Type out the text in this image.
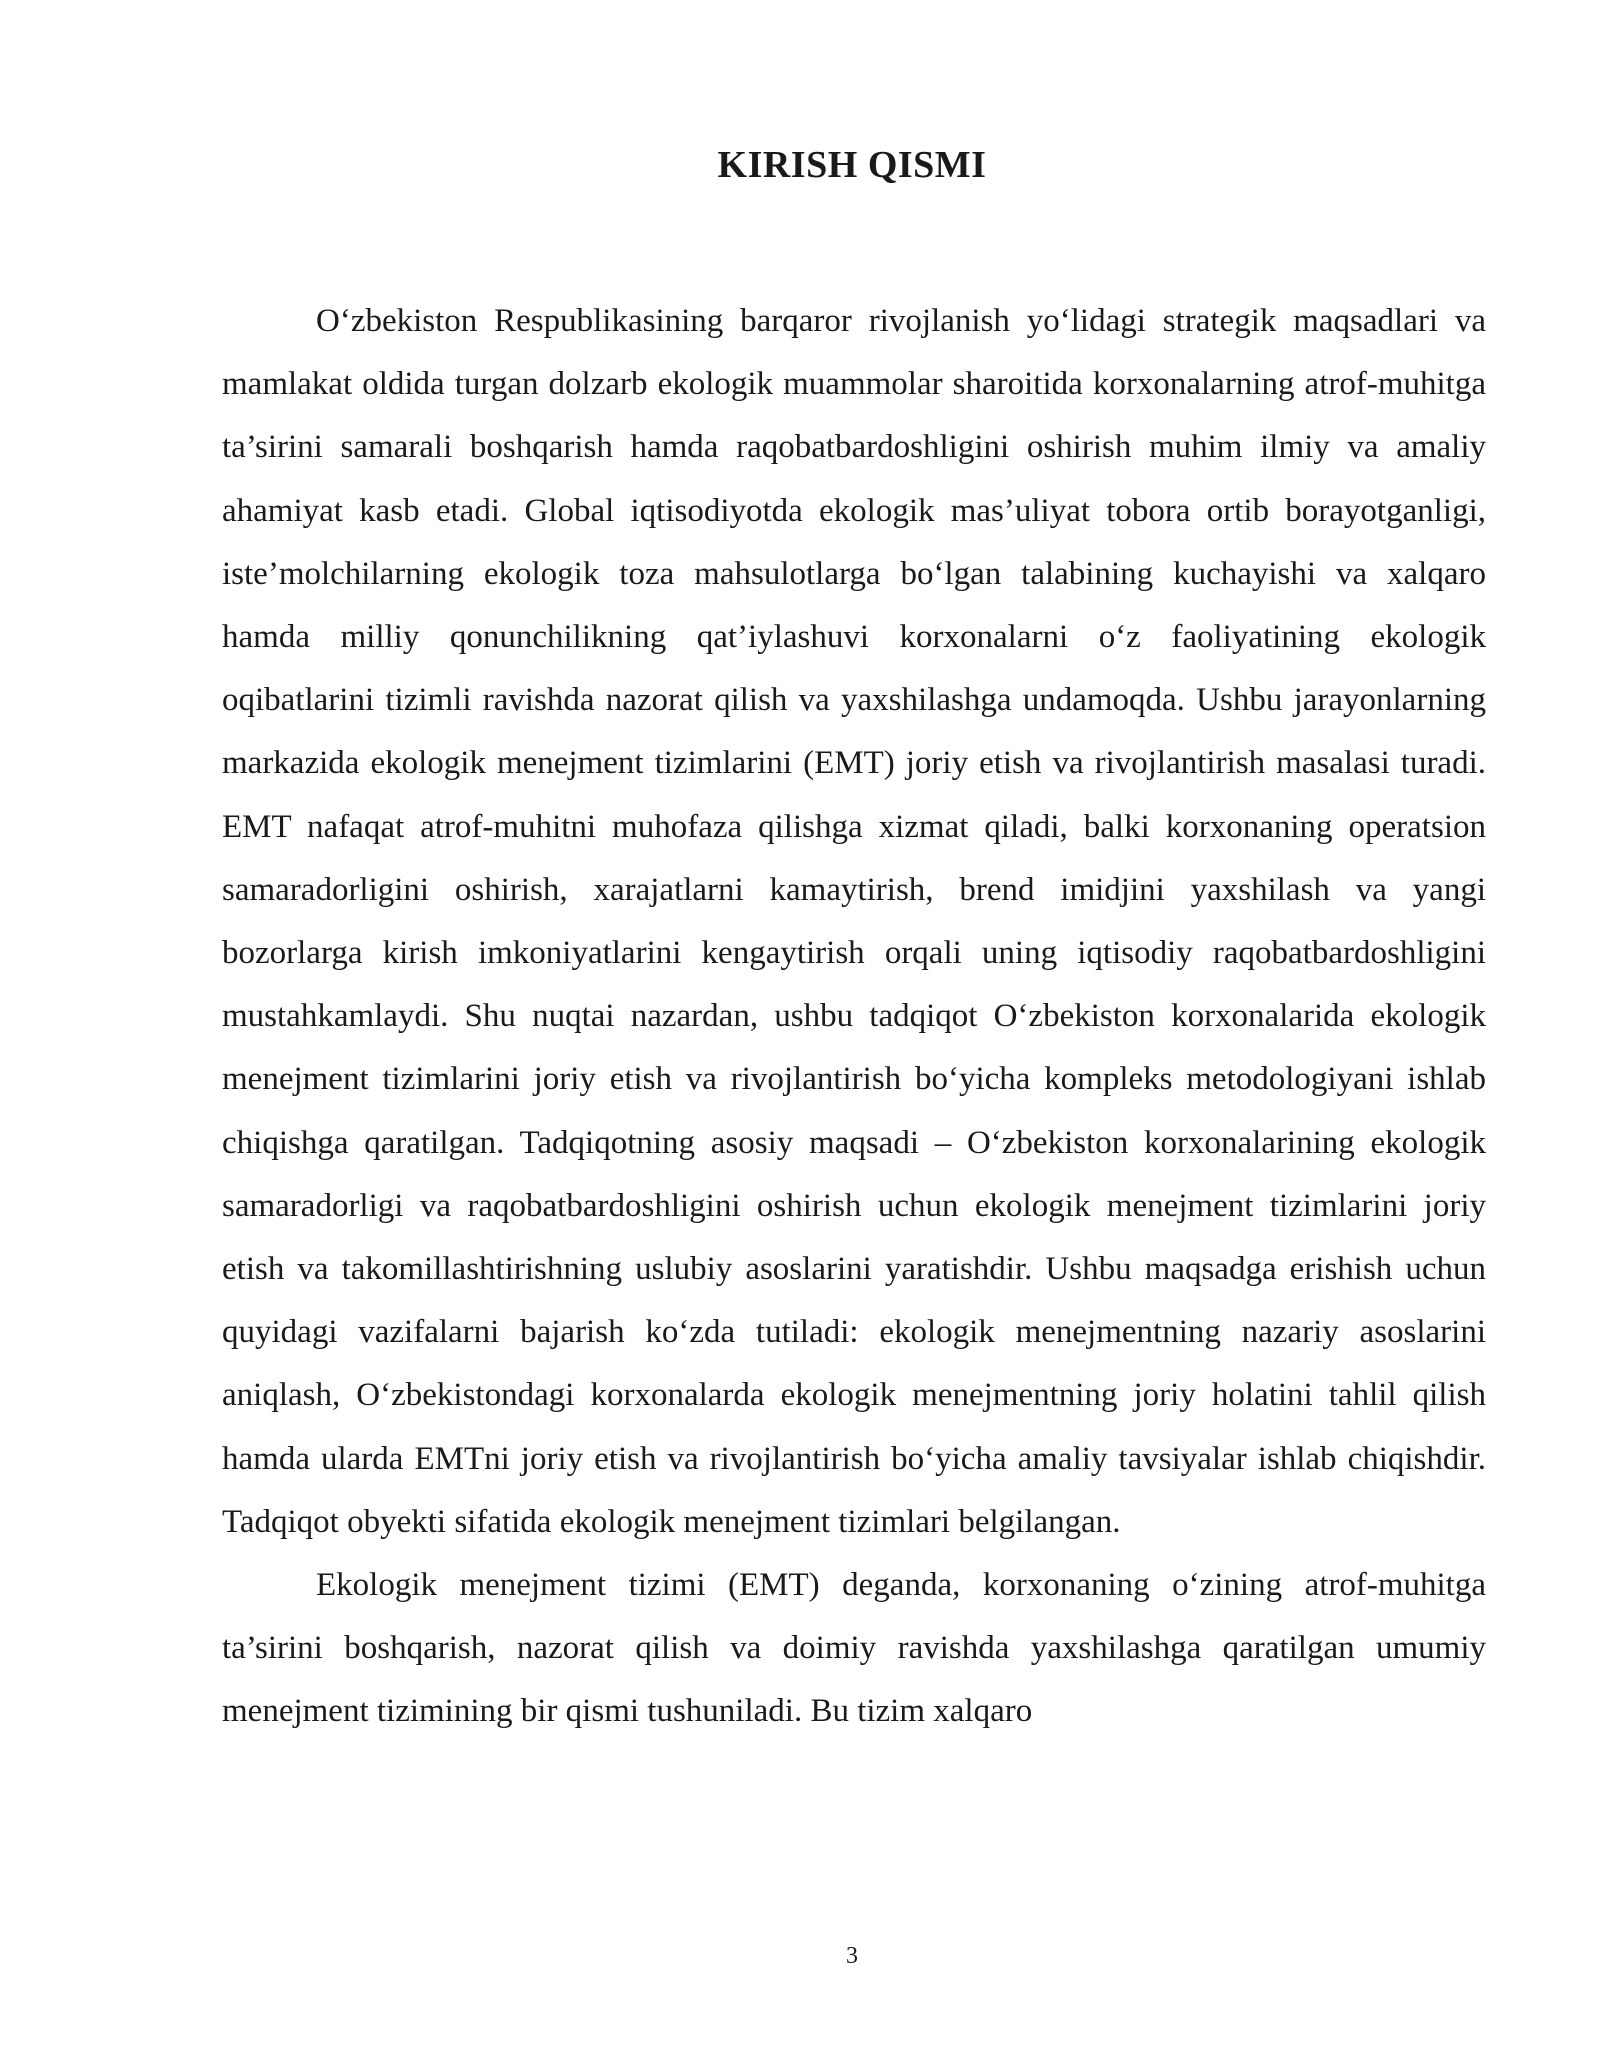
KIRISH QISMI

O‘zbekiston Respublikasining barqaror rivojlanish yo‘lidagi strategik maqsadlari va mamlakat oldida turgan dolzarb ekologik muammolar sharoitida korxonalarning atrof-muhitga ta’sirini samarali boshqarish hamda raqobatbardoshligini oshirish muhim ilmiy va amaliy ahamiyat kasb etadi. Global iqtisodiyotda ekologik mas’uliyat tobora ortib borayotganligi, iste’molchilarning ekologik toza mahsulotlarga bo‘lgan talabining kuchayishi va xalqaro hamda milliy qonunchilikning qat’iylashuvi korxonalarni o‘z faoliyatining ekologik oqibatlarini tizimli ravishda nazorat qilish va yaxshilashga undamoqda. Ushbu jarayonlarning markazida ekologik menejment tizimlarini (EMT) joriy etish va rivojlantirish masalasi turadi. EMT nafaqat atrof-muhitni muhofaza qilishga xizmat qiladi, balki korxonaning operatsion samaradorligini oshirish, xarajatlarni kamaytirish, brend imidjini yaxshilash va yangi bozorlarga kirish imkoniyatlarini kengaytirish orqali uning iqtisodiy raqobatbardoshligini mustahkamlaydi. Shu nuqtai nazardan, ushbu tadqiqot O‘zbekiston korxonalarida ekologik menejment tizimlarini joriy etish va rivojlantirish bo‘yicha kompleks metodologiyani ishlab chiqishga qaratilgan. Tadqiqotning asosiy maqsadi – O‘zbekiston korxonalarining ekologik samaradorligi va raqobatbardoshligini oshirish uchun ekologik menejment tizimlarini joriy etish va takomillashtirishning uslubiy asoslarini yaratishdir. Ushbu maqsadga erishish uchun quyidagi vazifalarni bajarish ko‘zda tutiladi: ekologik menejmentning nazariy asoslarini aniqlash, O‘zbekistondagi korxonalarda ekologik menejmentning joriy holatini tahlil qilish hamda ularda EMTni joriy etish va rivojlantirish bo‘yicha amaliy tavsiyalar ishlab chiqishdir. Tadqiqot obyekti sifatida ekologik menejment tizimlari belgilangan.

Ekologik menejment tizimi (EMT) deganda, korxonaning o‘zining atrof-muhitga ta’sirini boshqarish, nazorat qilish va doimiy ravishda yaxshilashga qaratilgan umumiy menejment tizimining bir qismi tushuniladi. Bu tizim xalqaro

3
